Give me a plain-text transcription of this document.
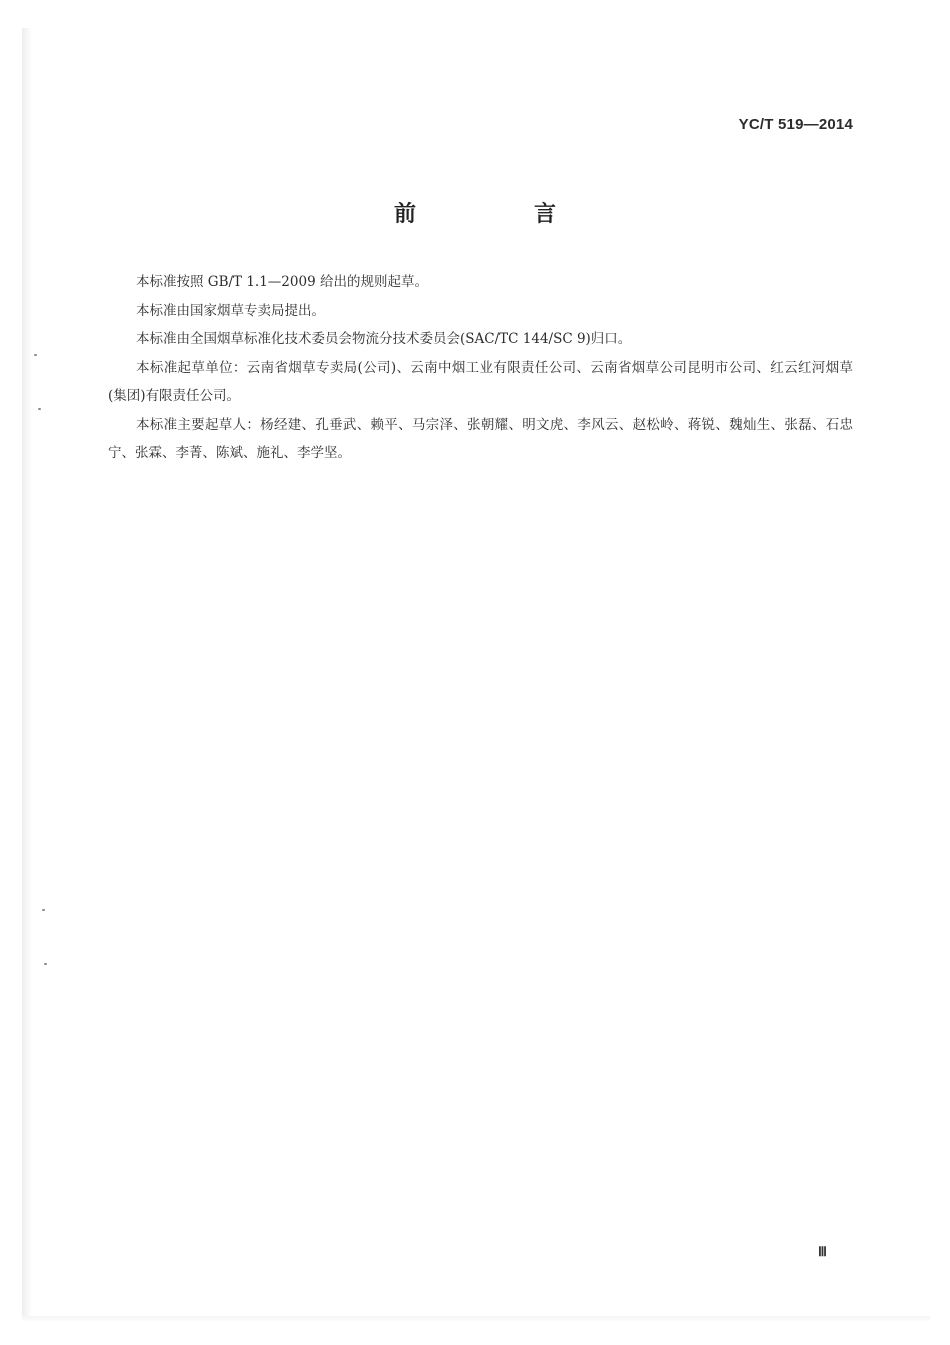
YC/T 519—2014
前　言

本标准按照 GB/T 1.1—2009 给出的规则起草。

本标准由国家烟草专卖局提出。

本标准由全国烟草标准化技术委员会物流分技术委员会(SAC/TC 144/SC 9)归口。

本标准起草单位：云南省烟草专卖局(公司)、云南中烟工业有限责任公司、云南省烟草公司昆明市公司、红云红河烟草(集团)有限责任公司。

本标准主要起草人：杨经建、孔垂武、赖平、马宗泽、张朝耀、明文虎、李风云、赵松岭、蒋锐、魏灿生、张磊、石忠宁、张霖、李菁、陈斌、施礼、李学坚。

Ⅲ
